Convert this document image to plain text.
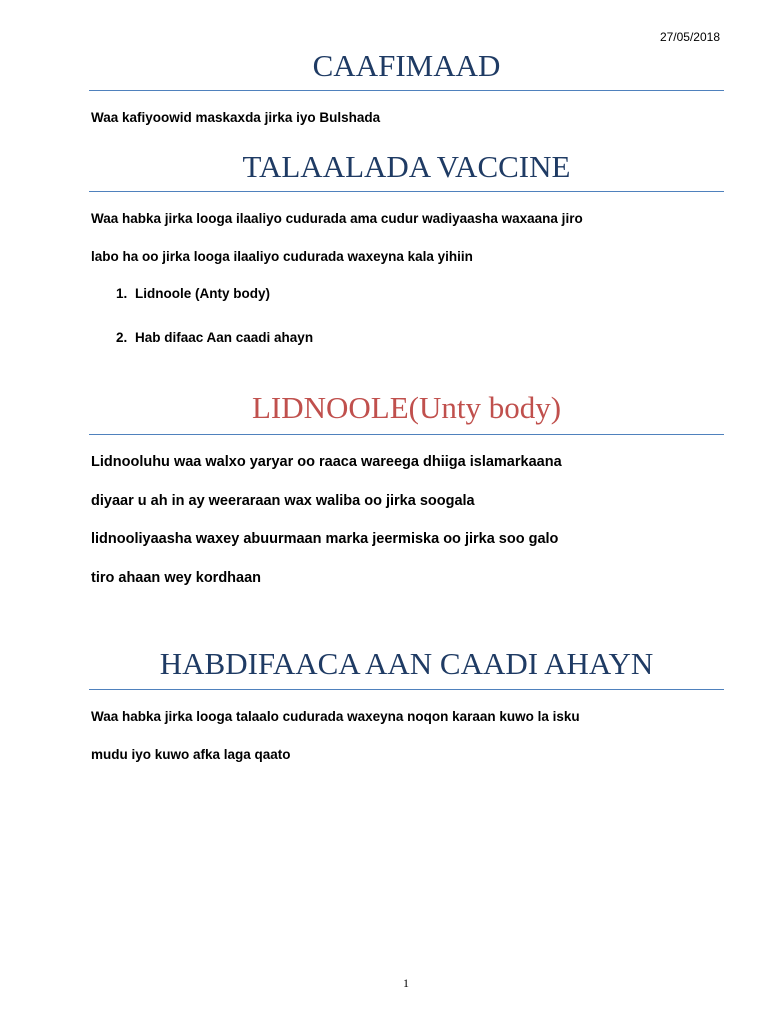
27/05/2018
CAAFIMAAD
Waa kafiyoowid maskaxda jirka iyo Bulshada
TALAALADA VACCINE
Waa habka jirka looga ilaaliyo cudurada ama cudur wadiyaasha waxaana jiro
labo ha oo jirka looga ilaaliyo cudurada waxeyna kala yihiin
1. Lidnoole (Anty body)
2. Hab difaac Aan caadi ahayn
LIDNOOLE(Unty body)
Lidnooluhu waa walxo yaryar oo raaca wareega dhiiga islamarkaana
diyaar u ah in ay weeraraan wax waliba oo jirka soogala
lidnooliyaasha waxey abuurmaan marka jeermiska oo jirka soo galo
tiro ahaan wey kordhaan
HABDIFAACA AAN CAADI AHAYN
Waa habka jirka looga talaalo cudurada waxeyna noqon karaan kuwo la isku
mudu iyo kuwo afka laga qaato
1
